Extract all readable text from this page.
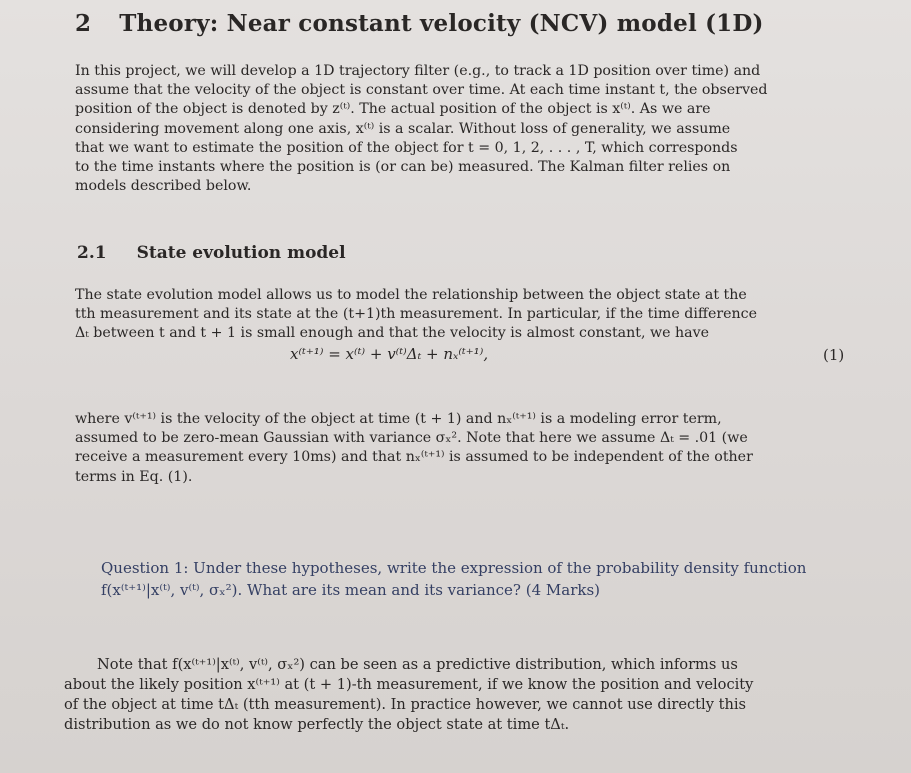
2 Theory: Near constant velocity (NCV) model (1D)
In this project, we will develop a 1D trajectory filter (e.g., to track a 1D position over time) and
assume that the velocity of the object is constant over time. At each time instant t, the observed
position of the object is denoted by z⁽ᵗ⁾. The actual position of the object is x⁽ᵗ⁾. As we are
considering movement along one axis, x⁽ᵗ⁾ is a scalar. Without loss of generality, we assume
that we want to estimate the position of the object for t = 0, 1, 2, . . . , T, which corresponds
to the time instants where the position is (or can be) measured. The Kalman filter relies on
models described below.
2.1 State evolution model
The state evolution model allows us to model the relationship between the object state at the
tth measurement and its state at the (t+1)th measurement. In particular, if the time difference
Δₜ between t and t + 1 is small enough and that the velocity is almost constant, we have
x⁽ᵗ⁺¹⁾ = x⁽ᵗ⁾ + v⁽ᵗ⁾Δₜ + nₓ⁽ᵗ⁺¹⁾,	(1)
where v⁽ᵗ⁺¹⁾ is the velocity of the object at time (t + 1) and nₓ⁽ᵗ⁺¹⁾ is a modeling error term,
assumed to be zero-mean Gaussian with variance σₓ². Note that here we assume Δₜ = .01 (we
receive a measurement every 10ms) and that nₓ⁽ᵗ⁺¹⁾ is assumed to be independent of the other
terms in Eq. (1).
Question 1: Under these hypotheses, write the expression of the probability density function
f(x⁽ᵗ⁺¹⁾|x⁽ᵗ⁾, v⁽ᵗ⁾, σₓ²). What are its mean and its variance? (4 Marks)
Note that f(x⁽ᵗ⁺¹⁾|x⁽ᵗ⁾, v⁽ᵗ⁾, σₓ²) can be seen as a predictive distribution, which informs us
about the likely position x⁽ᵗ⁺¹⁾ at (t + 1)-th measurement, if we know the position and velocity
of the object at time tΔₜ (tth measurement). In practice however, we cannot use directly this
distribution as we do not know perfectly the object state at time tΔₜ.
